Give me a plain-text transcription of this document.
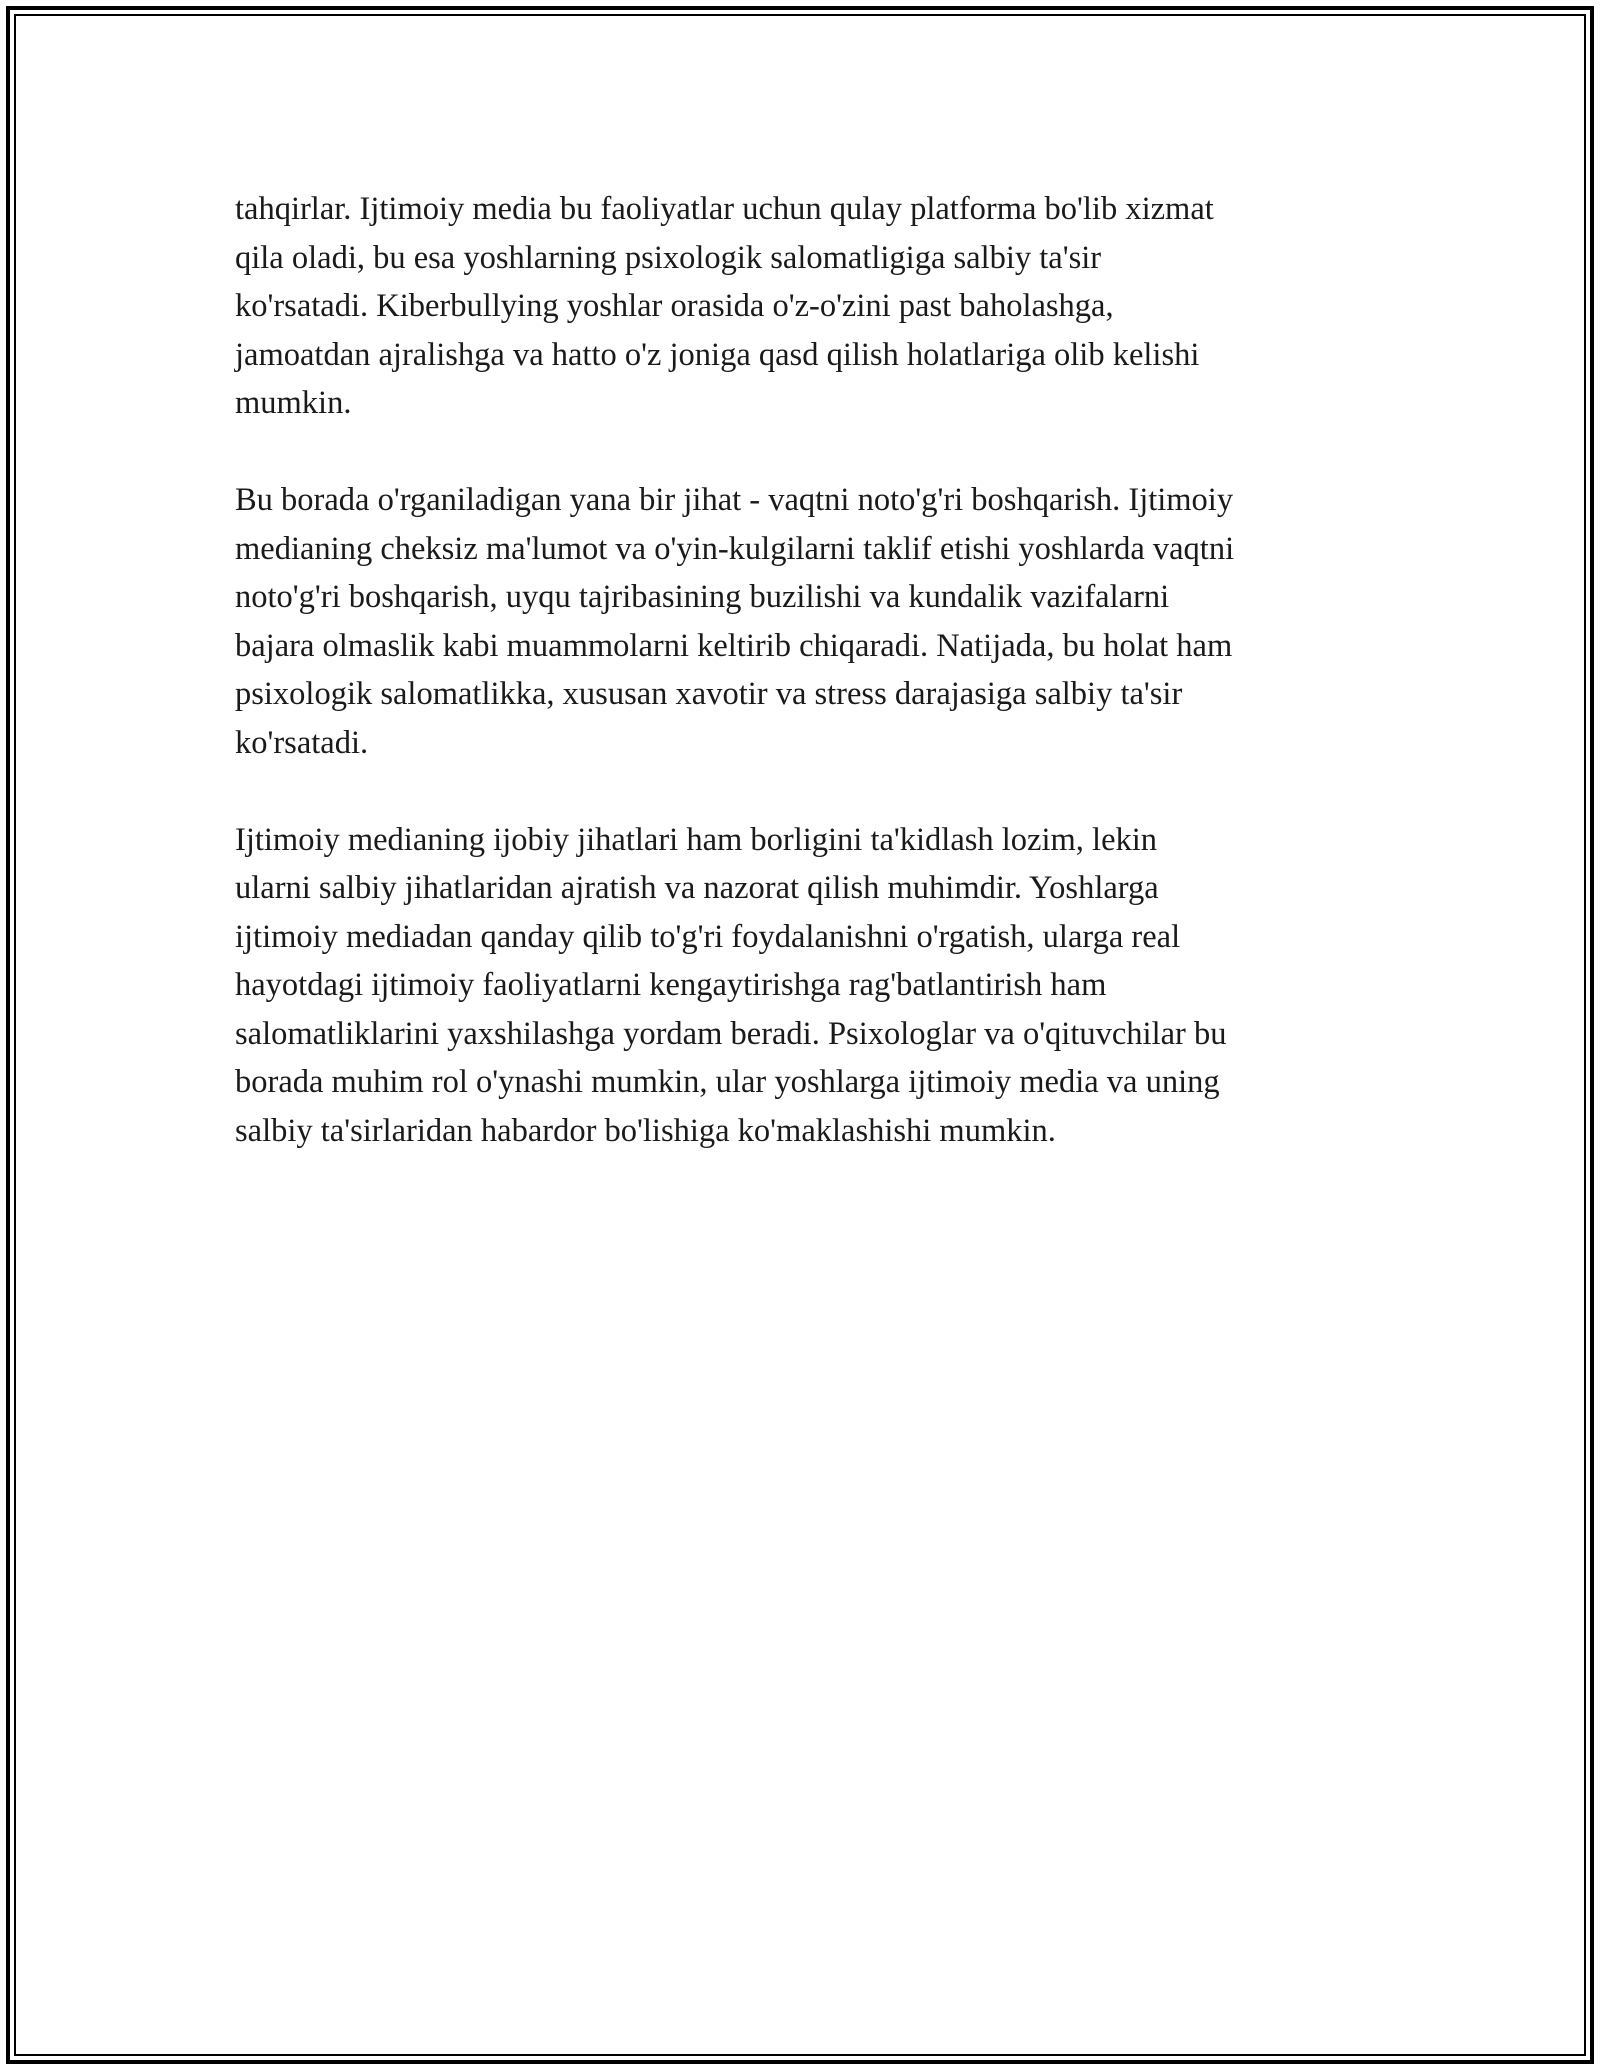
tahqirlar. Ijtimoiy media bu faoliyatlar uchun qulay platforma bo'lib xizmat
qila oladi, bu esa yoshlarning psixologik salomatligiga salbiy ta'sir
ko'rsatadi. Kiberbullying yoshlar orasida o'z-o'zini past baholashga,
jamoatdan ajralishga va hatto o'z joniga qasd qilish holatlariga olib kelishi
mumkin.
Bu borada o'rganiladigan yana bir jihat - vaqtni noto'g'ri boshqarish. Ijtimoiy
medianing cheksiz ma'lumot va o'yin-kulgilarni taklif etishi yoshlarda vaqtni
noto'g'ri boshqarish, uyqu tajribasining buzilishi va kundalik vazifalarni
bajara olmaslik kabi muammolarni keltirib chiqaradi. Natijada, bu holat ham
psixologik salomatlikka, xususan xavotir va stress darajasiga salbiy ta'sir
ko'rsatadi.
Ijtimoiy medianing ijobiy jihatlari ham borligini ta'kidlash lozim, lekin
ularni salbiy jihatlaridan ajratish va nazorat qilish muhimdir. Yoshlarga
ijtimoiy mediadan qanday qilib to'g'ri foydalanishni o'rgatish, ularga real
hayotdagi ijtimoiy faoliyatlarni kengaytirishga rag'batlantirish ham
salomatliklarini yaxshilashga yordam beradi. Psixologlar va o'qituvchilar bu
borada muhim rol o'ynashi mumkin, ular yoshlarga ijtimoiy media va uning
salbiy ta'sirlaridan habardor bo'lishiga ko'maklashishi mumkin.
